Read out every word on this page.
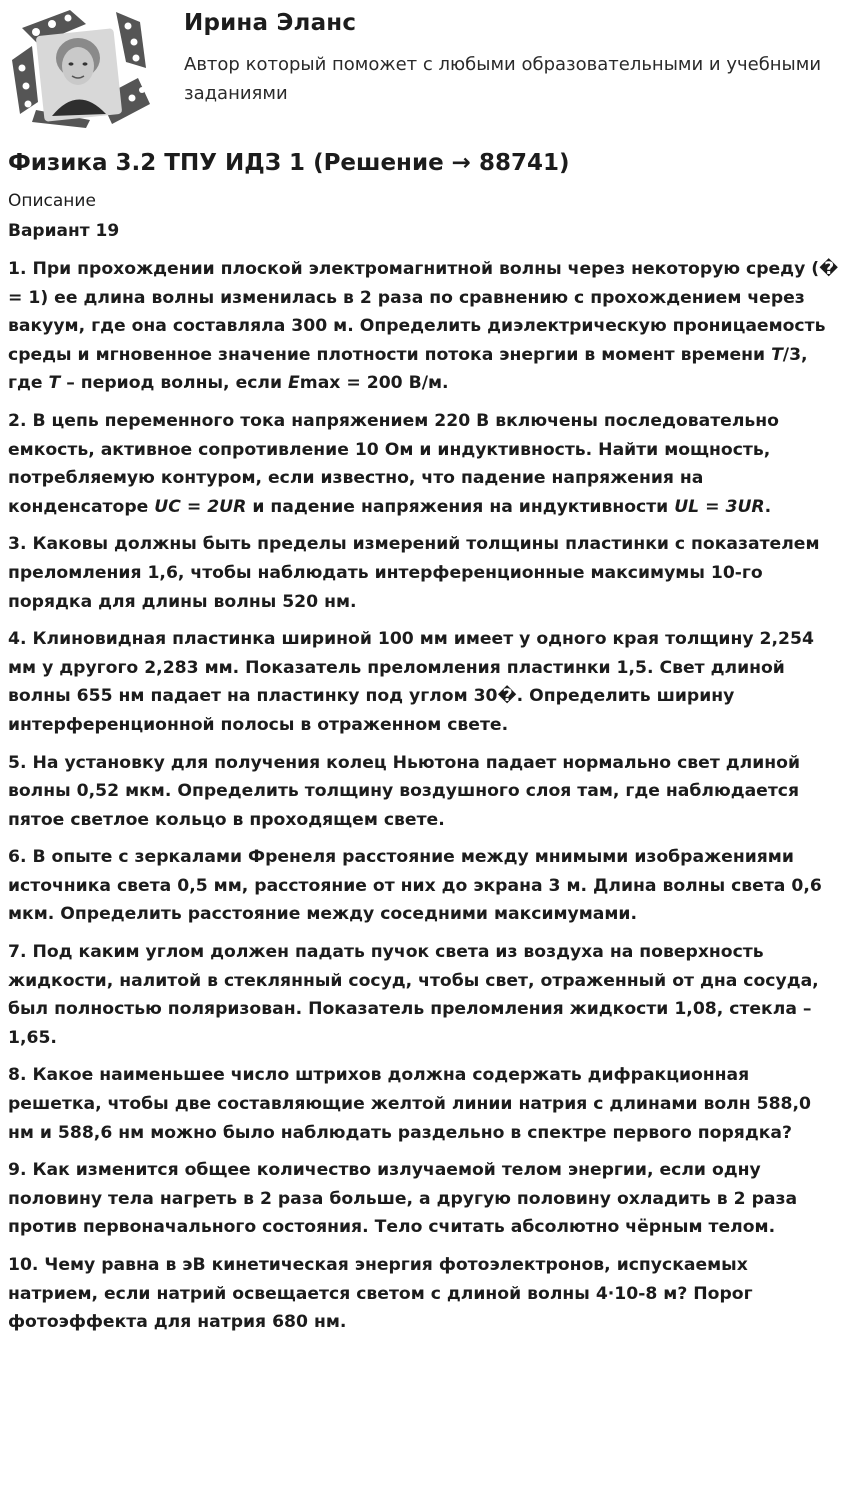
Ирина Эланс
Автор который поможет с любыми образовательными и учебными заданиями
Физика 3.2 ТПУ ИДЗ 1 (Решение → 88741)
Описание
Вариант 19

1. При прохождении плоской электромагнитной волны через некоторую среду (� = 1) ее длина волны изменилась в 2 раза по сравнению с прохождением через вакуум, где она составляла 300 м. Определить диэлектрическую проницаемость среды и мгновенное значение плотности потока энергии в момент времени T/3, где T – период волны, если Emax = 200 В/м.

2. В цепь переменного тока напряжением 220 В включены последовательно емкость, активное сопротивление 10 Ом и индуктивность. Найти мощность, потребляемую контуром, если известно, что падение напряжения на конденсаторе UC = 2UR и падение напряжения на индуктивности UL = 3UR.

3. Каковы должны быть пределы измерений толщины пластинки с показателем преломления 1,6, чтобы наблюдать интерференционные максимумы 10-го порядка для длины волны 520 нм.

4. Клиновидная пластинка шириной 100 мм имеет у одного края толщину 2,254 мм у другого 2,283 мм. Показатель преломления пластинки 1,5. Свет длиной волны 655 нм падает на пластинку под углом 30�. Определить ширину интерференционной полосы в отраженном свете.

5. На установку для получения колец Ньютона падает нормально свет длиной волны 0,52 мкм. Определить толщину воздушного слоя там, где наблюдается пятое светлое кольцо в проходящем свете.

6. В опыте с зеркалами Френеля расстояние между мнимыми изображениями источника света 0,5 мм, расстояние от них до экрана 3 м. Длина волны света 0,6 мкм. Определить расстояние между соседними максимумами.

7. Под каким углом должен падать пучок света из воздуха на поверхность жидкости, налитой в стеклянный сосуд, чтобы свет, отраженный от дна сосуда, был полностью поляризован. Показатель преломления жидкости 1,08, стекла – 1,65.

8. Какое наименьшее число штрихов должна содержать дифракционная решетка, чтобы две составляющие желтой линии натрия с длинами волн 588,0 нм и 588,6 нм можно было наблюдать раздельно в спектре первого порядка?

9. Как изменится общее количество излучаемой телом энергии, если одну половину тела нагреть в 2 раза больше, а другую половину охладить в 2 раза против первоначального состояния. Тело считать абсолютно чёрным телом.

10. Чему равна в эВ кинетическая энергия фотоэлектронов, испускаемых натрием, если натрий освещается светом с длиной волны 4·10-8 м? Порог фотоэффекта для натрия 680 нм.
